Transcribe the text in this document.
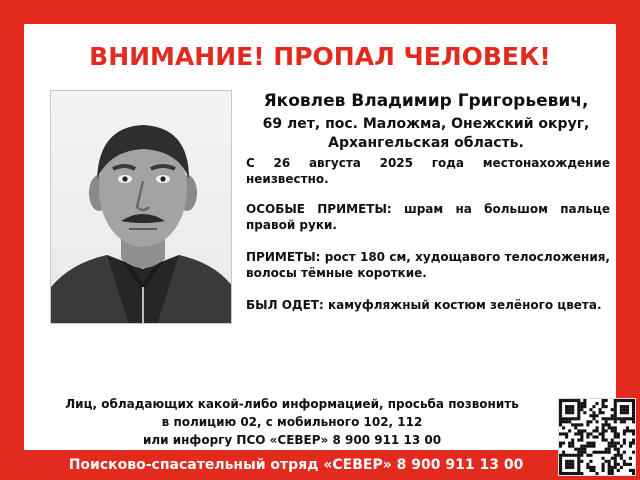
ВНИМАНИЕ! ПРОПАЛ ЧЕЛОВЕК!
Яковлев Владимир Григорьевич,
69 лет, пос. Маложма, Онежский округ,
Архангельская область.
С 26 августа 2025 года местонахождение неизвестно.
ОСОБЫЕ ПРИМЕТЫ: шрам на большом пальце правой руки.
ПРИМЕТЫ: рост 180 см, худощавого телосложения, волосы тёмные короткие.
БЫЛ ОДЕТ: камуфляжный костюм зелёного цвета.
Лиц, обладающих какой-либо информацией, просьба позвонить
в полицию 02, с мобильного 102, 112
или инфоргу ПСО «СЕВЕР» 8 900 911 13 00
Поисково-спасательный отряд «СЕВЕР» 8 900 911 13 00
